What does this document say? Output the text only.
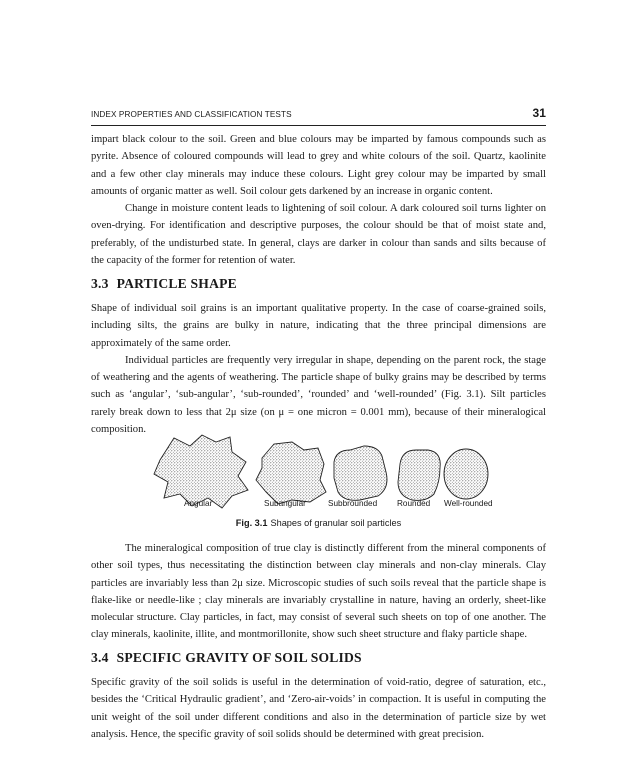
INDEX PROPERTIES AND CLASSIFICATION TESTS	31

impart black colour to the soil. Green and blue colours may be imparted by famous compounds such as pyrite. Absence of coloured compounds will lead to grey and white colours of the soil. Quartz, kaolinite and a few other clay minerals may induce these colours. Light grey colour may be imparted by small amounts of organic matter as well. Soil colour gets darkened by an increase in organic content.

Change in moisture content leads to lightening of soil colour. A dark coloured soil turns lighter on oven-drying. For identification and descriptive purposes, the colour should be that of moist state and, preferably, of the undisturbed state. In general, clays are darker in colour than sands and silts because of the capacity of the former for retention of water.

3.3 PARTICLE SHAPE

Shape of individual soil grains is an important qualitative property. In the case of coarse-grained soils, including silts, the grains are bulky in nature, indicating that the three principal dimensions are approximately of the same order.

Individual particles are frequently very irregular in shape, depending on the parent rock, the stage of weathering and the agents of weathering. The particle shape of bulky grains may be described by terms such as ‘angular’, ‘sub-angular’, ‘sub-rounded’, ‘rounded’ and ‘well-rounded’ (Fig. 3.1). Silt particles rarely break down to less that 2μ size (on μ = one micron = 0.001 mm), because of their mineralogical composition.

Angular	Subangular	Subbrounded Rounded Well-rounded
Fig. 3.1 Shapes of granular soil particles

The mineralogical composition of true clay is distinctly different from the mineral components of other soil types, thus necessitating the distinction between clay minerals and non-clay minerals. Clay particles are invariably less than 2μ size. Microscopic studies of such soils reveal that the particle shape is flake-like or needle-like ; clay minerals are invariably crystalline in nature, having an orderly, sheet-like molecular structure. Clay particles, in fact, may consist of several such sheets on top of one another. The clay minerals, kaolinite, illite, and montmorillonite, show such sheet structure and flaky particle shape.

3.4 SPECIFIC GRAVITY OF SOIL SOLIDS

Specific gravity of the soil solids is useful in the determination of void-ratio, degree of saturation, etc., besides the ‘Critical Hydraulic gradient’, and ‘Zero-air-voids’ in compaction. It is useful in computing the unit weight of the soil under different conditions and also in the determination of particle size by wet analysis. Hence, the specific gravity of soil solids should be determined with great precision.
